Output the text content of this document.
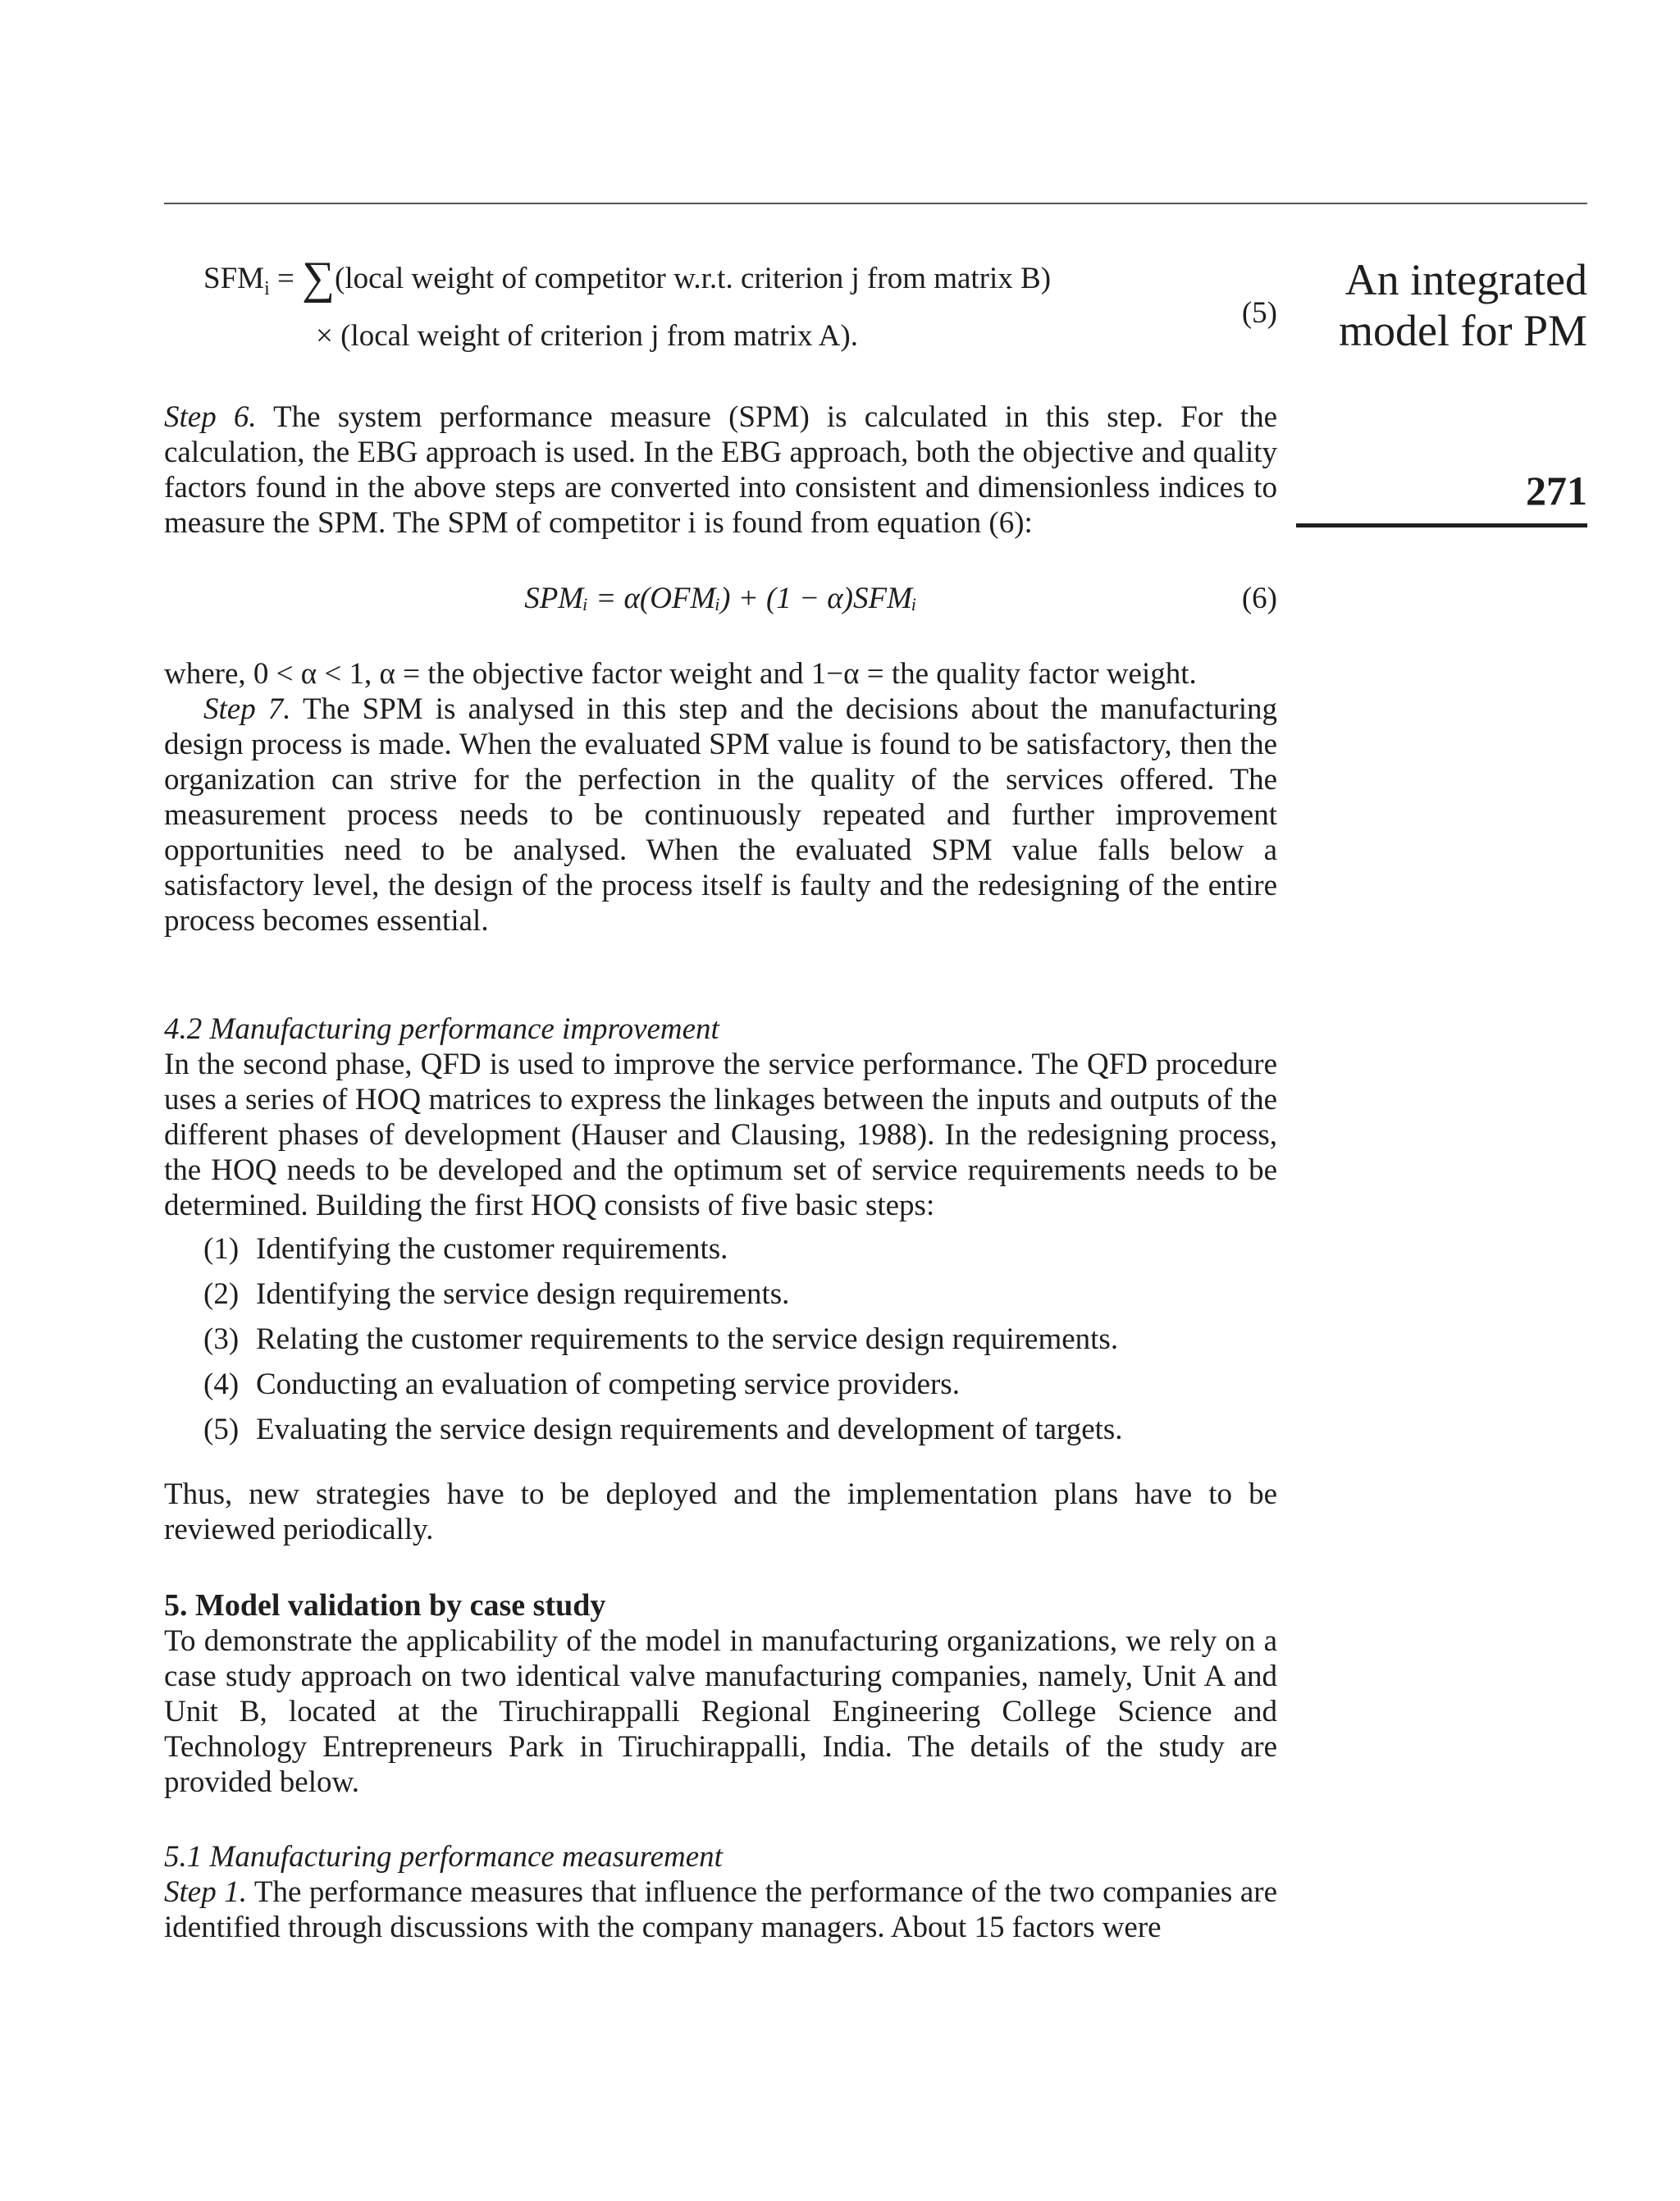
An integrated
model for PM
271
$SFM_i$ = ∑(local weight of competitor w.r.t. criterion j from matrix B)
× (local weight of criterion j from matrix A).
(5)

Step 6. The system performance measure (SPM) is calculated in this step. For the calculation, the EBG approach is used. In the EBG approach, both the objective and quality factors found in the above steps are converted into consistent and dimensionless indices to measure the SPM. The SPM of competitor i is found from equation (6):

SPMᵢ = α(OFMᵢ) + (1 − α)SFMᵢ	(6)

where, 0 < α < 1, α = the objective factor weight and 1−α = the quality factor weight.

Step 7. The SPM is analysed in this step and the decisions about the manufacturing design process is made. When the evaluated SPM value is found to be satisfactory, then the organization can strive for the perfection in the quality of the services offered. The measurement process needs to be continuously repeated and further improvement opportunities need to be analysed. When the evaluated SPM value falls below a satisfactory level, the design of the process itself is faulty and the redesigning of the entire process becomes essential.

4.2 Manufacturing performance improvement

In the second phase, QFD is used to improve the service performance. The QFD procedure uses a series of HOQ matrices to express the linkages between the inputs and outputs of the different phases of development (Hauser and Clausing, 1988). In the redesigning process, the HOQ needs to be developed and the optimum set of service requirements needs to be determined. Building the first HOQ consists of five basic steps:

(1) Identifying the customer requirements.
(2) Identifying the service design requirements.
(3) Relating the customer requirements to the service design requirements.
(4) Conducting an evaluation of competing service providers.
(5) Evaluating the service design requirements and development of targets.

Thus, new strategies have to be deployed and the implementation plans have to be reviewed periodically.

5. Model validation by case study

To demonstrate the applicability of the model in manufacturing organizations, we rely on a case study approach on two identical valve manufacturing companies, namely, Unit A and Unit B, located at the Tiruchirappalli Regional Engineering College Science and Technology Entrepreneurs Park in Tiruchirappalli, India. The details of the study are provided below.

5.1 Manufacturing performance measurement

Step 1. The performance measures that influence the performance of the two companies are identified through discussions with the company managers. About 15 factors were
